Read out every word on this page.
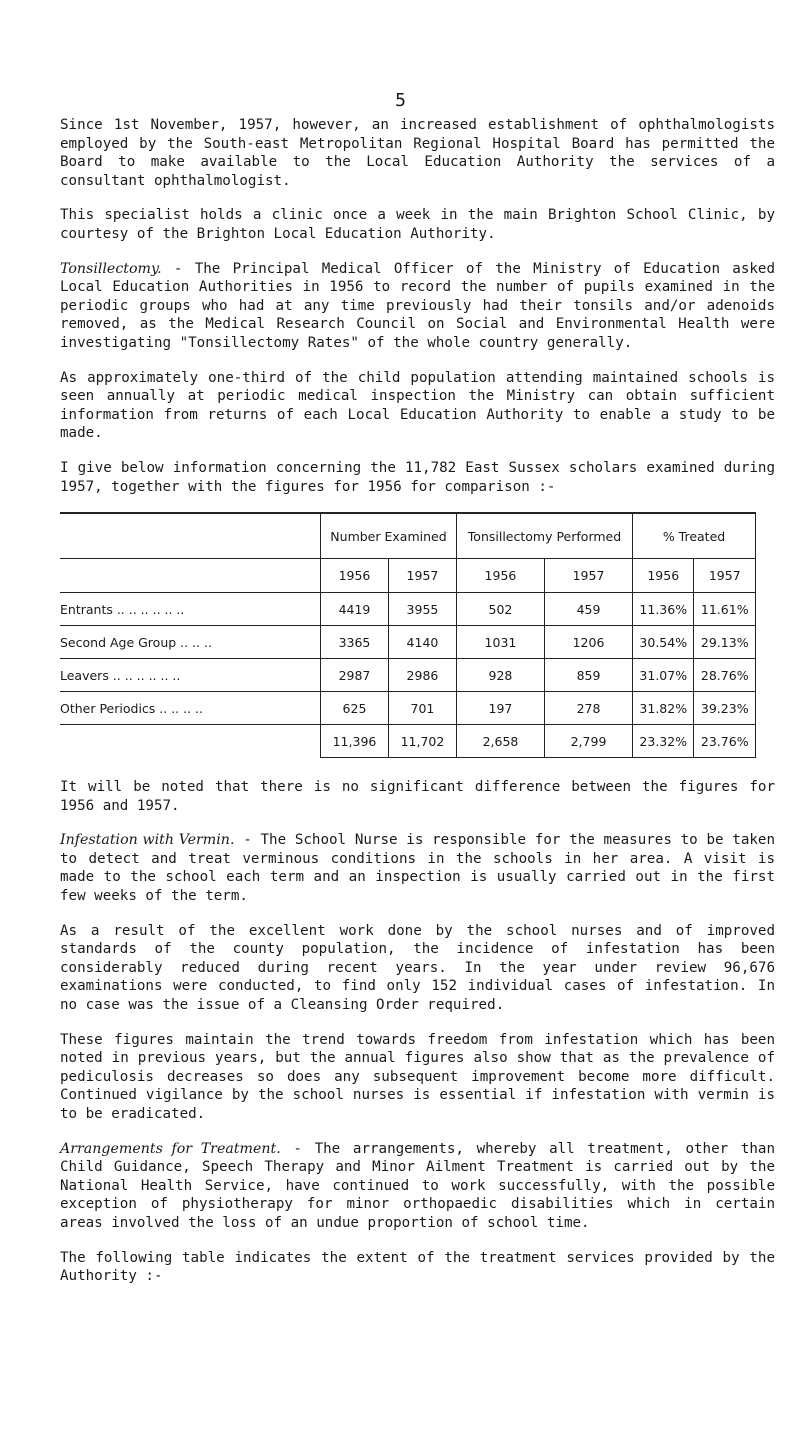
5

Since 1st November, 1957, however, an increased establishment of ophthalmologists employed by the South-east Metropolitan Regional Hospital Board has permitted the Board to make available to the Local Education Authority the services of a consultant ophthalmologist.

This specialist holds a clinic once a week in the main Brighton School Clinic, by courtesy of the Brighton Local Education Authority.

Tonsillectomy. - The Principal Medical Officer of the Ministry of Education asked Local Education Authorities in 1956 to record the number of pupils examined in the periodic groups who had at any time previously had their tonsils and/or adenoids removed, as the Medical Research Council on Social and Environmental Health were investigating "Tonsillectomy Rates" of the whole country generally.

As approximately one-third of the child population attending maintained schools is seen annually at periodic medical inspection the Ministry can obtain sufficient information from returns of each Local Education Authority to enable a study to be made.

I give below information concerning the 11,782 East Sussex scholars examined during 1957, together with the figures for 1956 for comparison :-

	Number Examined		Tonsillectomy Performed		% Treated	
	1956	1957	1956	1957	1956	1957
Entrants .. .. .. .. .. ..	4419	3955	502	459	11.36%	11.61%
Second Age Group .. .. ..	3365	4140	1031	1206	30.54%	29.13%
Leavers .. .. .. .. .. ..	2987	2986	928	859	31.07%	28.76%
Other Periodics .. .. .. ..	625	701	197	278	31.82%	39.23%
	11,396	11,702	2,658	2,799	23.32%	23.76%

It will be noted that there is no significant difference between the figures for 1956 and 1957.

Infestation with Vermin. - The School Nurse is responsible for the measures to be taken to detect and treat verminous conditions in the schools in her area. A visit is made to the school each term and an inspection is usually carried out in the first few weeks of the term.

As a result of the excellent work done by the school nurses and of improved standards of the county population, the incidence of infestation has been considerably reduced during recent years. In the year under review 96,676 examinations were conducted, to find only 152 individual cases of infestation. In no case was the issue of a Cleansing Order required.

These figures maintain the trend towards freedom from infestation which has been noted in previous years, but the annual figures also show that as the prevalence of pediculosis decreases so does any subsequent improvement become more difficult. Continued vigilance by the school nurses is essential if infestation with vermin is to be eradicated.

Arrangements for Treatment. - The arrangements, whereby all treatment, other than Child Guidance, Speech Therapy and Minor Ailment Treatment is carried out by the National Health Service, have continued to work successfully, with the possible exception of physiotherapy for minor orthopaedic disabilities which in certain areas involved the loss of an undue proportion of school time.

The following table indicates the extent of the treatment services provided by the Authority :-
